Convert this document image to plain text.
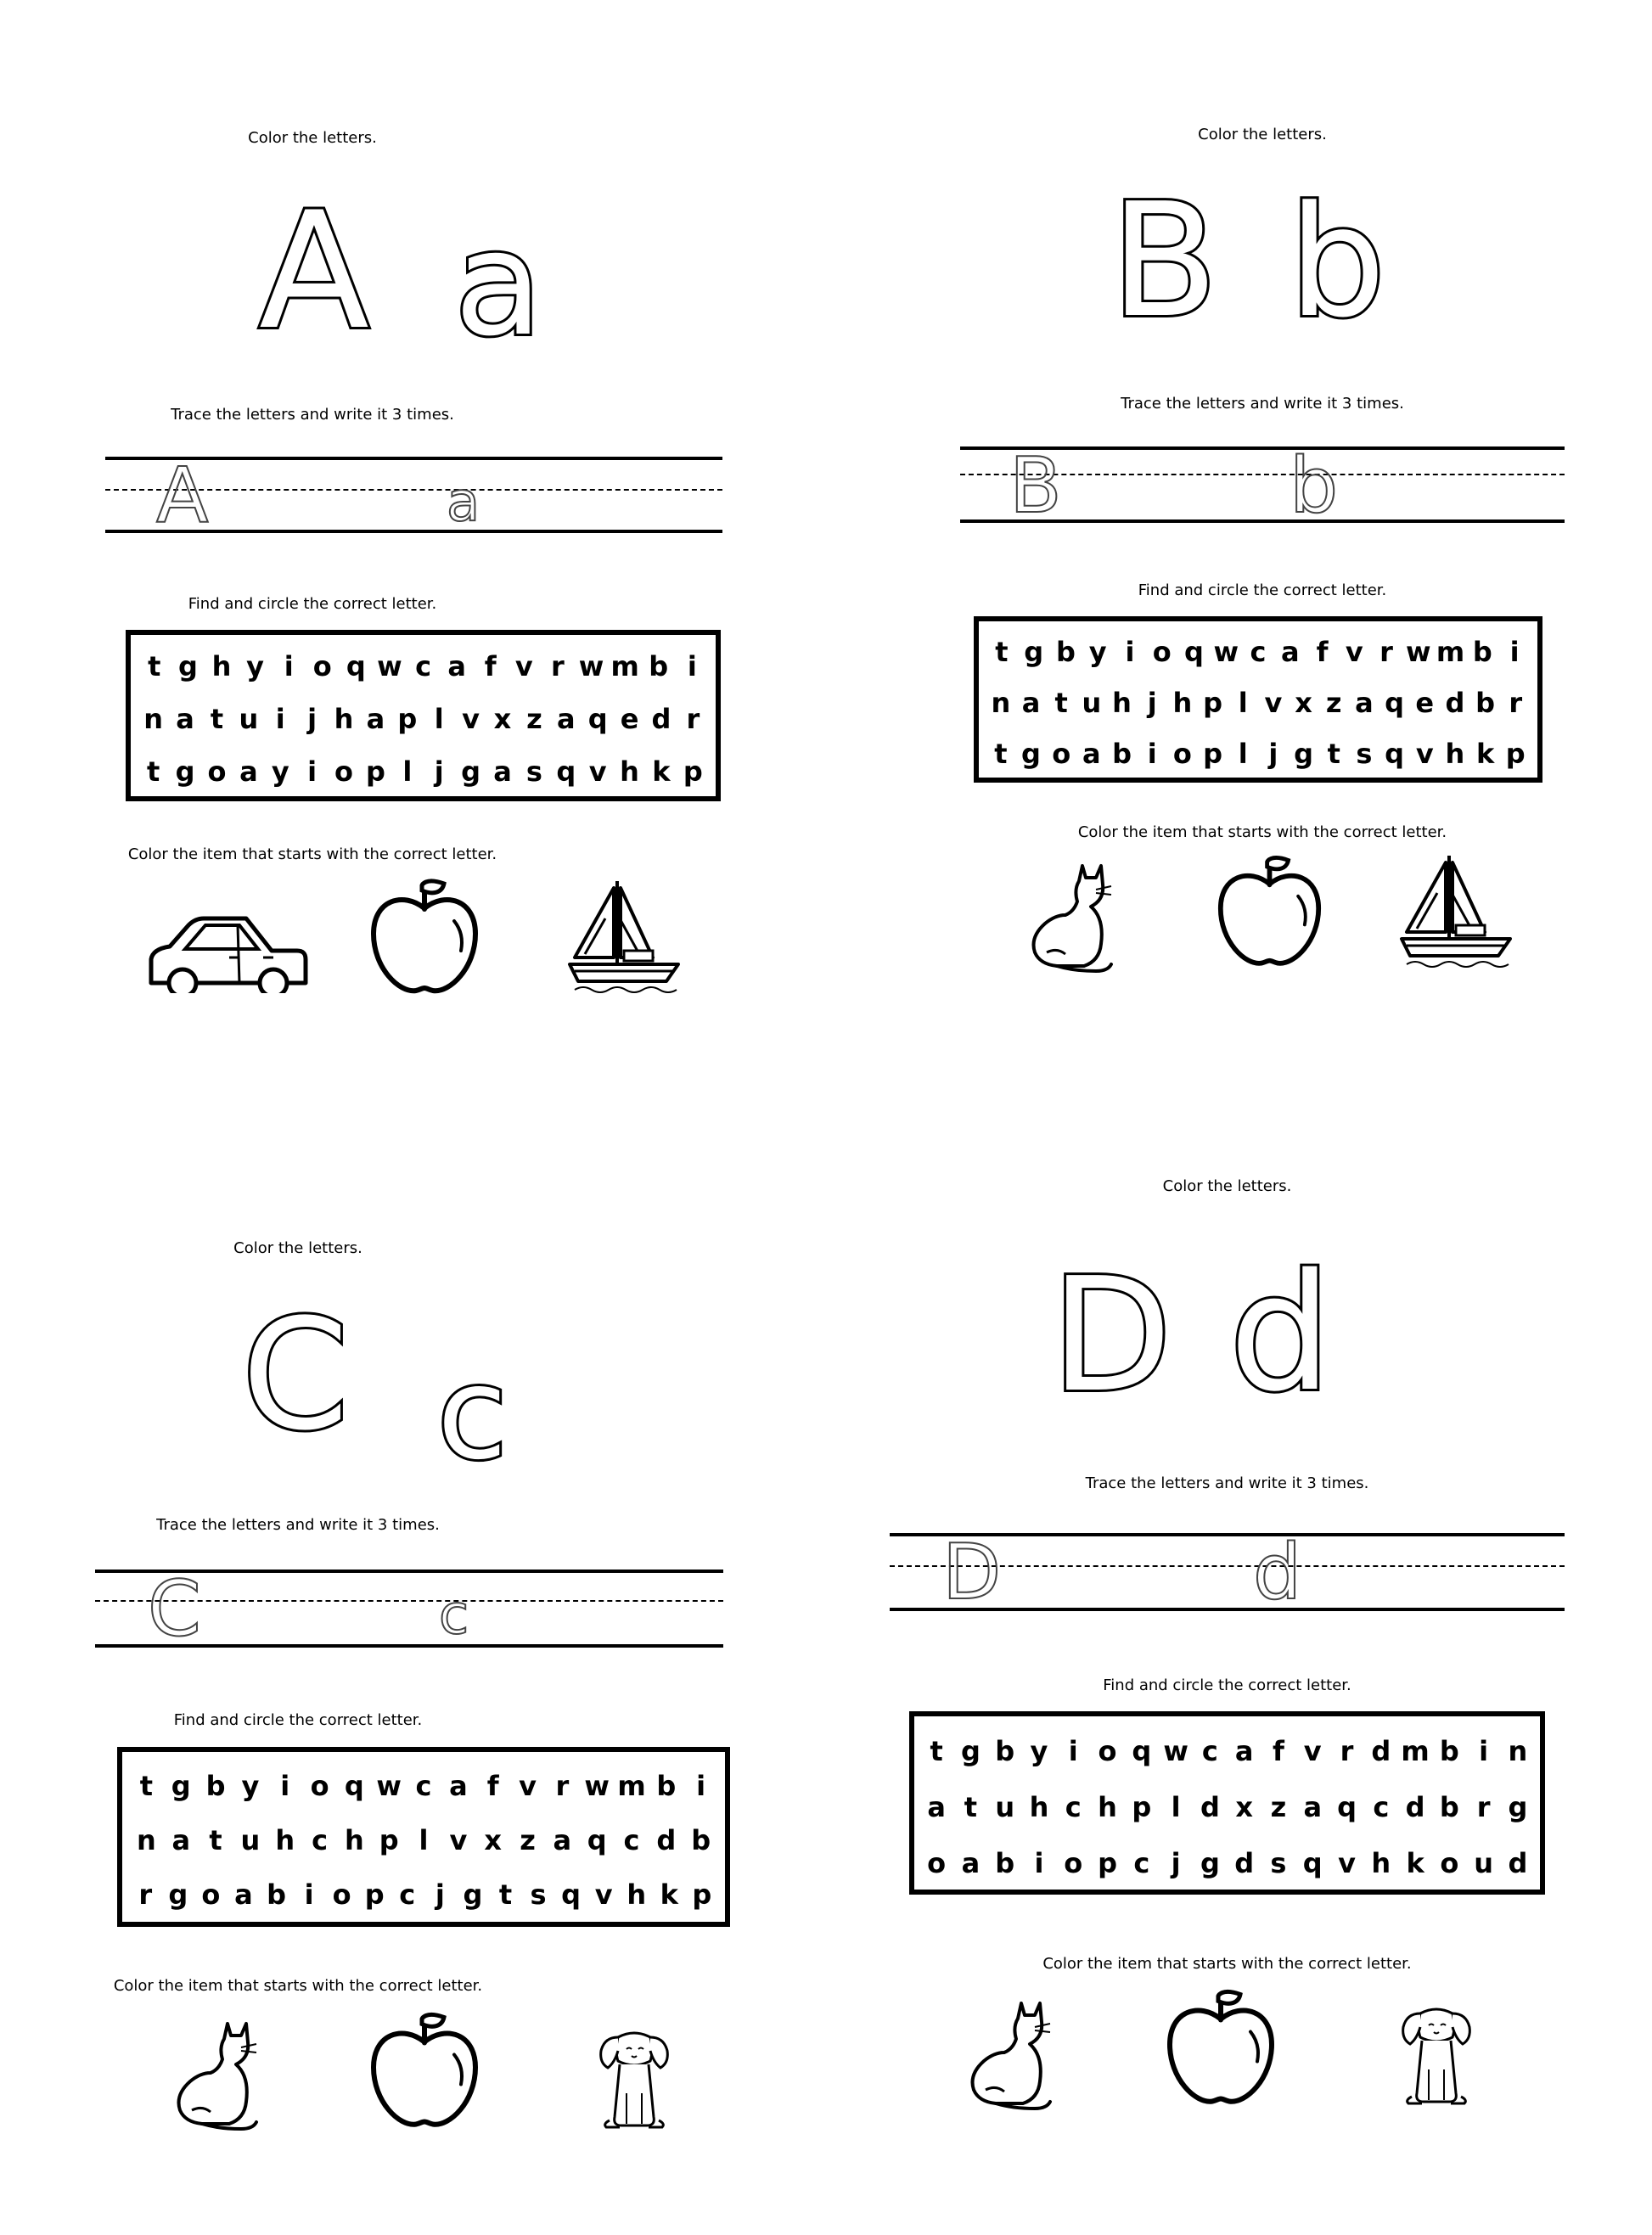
Color the letters.
A a
Trace the letters and write it 3 times.
A	a
Find and circle the correct letter.
t g h y i o q w c a f v r w m b i
n a t u i j h a p l v x z a q e d r
t g o a y i o p l j g a s q v h k p
Color the item that starts with the correct letter.
Color the letters.
B b
Trace the letters and write it 3 times.
B	b
Find and circle the correct letter.
t g b y i o q w c a f v r w m b i
n a t u h j h p l v x z a q e d b r
t g o a b i o p l j g t s q v h k p
Color the item that starts with the correct letter.
Color the letters.
C c
Trace the letters and write it 3 times.
C	c
Find and circle the correct letter.
t g b y i o q w c a f v r w m b i
n a t u h c h p l v x z a q c d b
r g o a b i o p c j g t s q v h k p
Color the item that starts with the correct letter.
Color the letters.
D d
Trace the letters and write it 3 times.
D	d
Find and circle the correct letter.
t g b y i o q w c a f v r d m b i n
a t u h c h p l d x z a q c d b r g
o a b i o p c j g d s q v h k o u d
Color the item that starts with the correct letter.
